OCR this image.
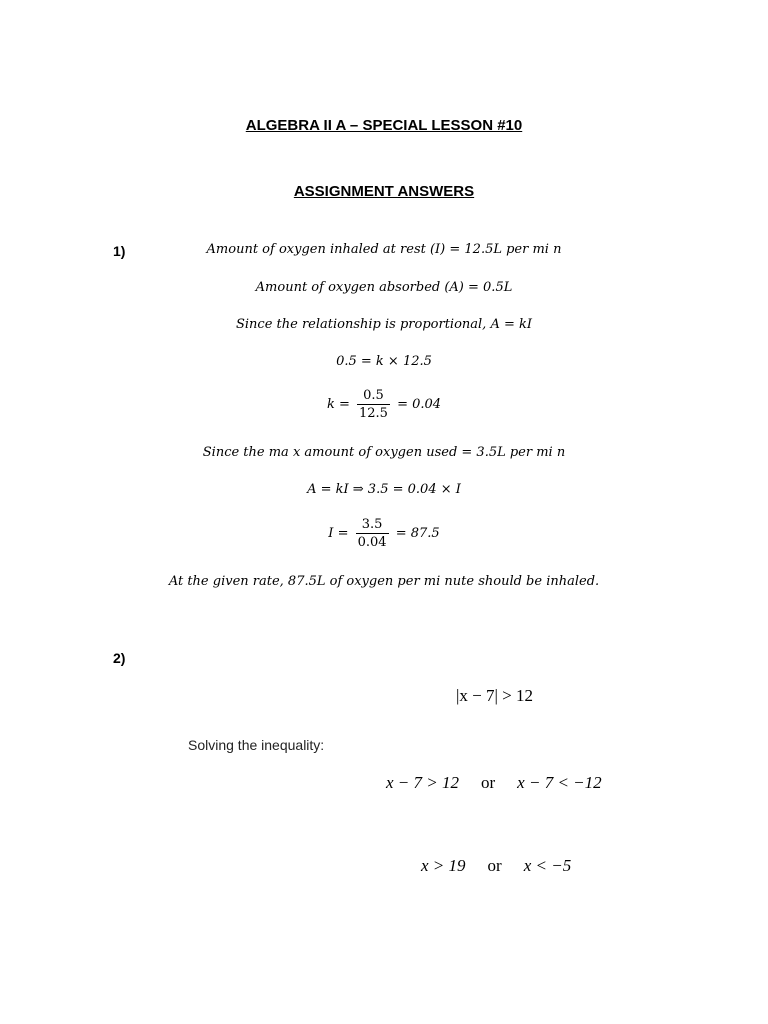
ALGEBRA II A – SPECIAL LESSON #10
ASSIGNMENT ANSWERS
1)	Amount of oxygen inhaled at rest (I) = 12.5L per mi n
Amount of oxygen absorbed (A) = 0.5L
Since the relationship is proportional, A = kI
0.5 = k × 12.5
$k = \frac{0.5}{12.5} = 0.04$
Since the ma x amount of oxygen used = 3.5L per mi n
A = kI ⇒ 3.5 = 0.04 × I
$I = \frac{3.5}{0.04} = 87.5$
At the given rate, 87.5L of oxygen per mi nute should be inhaled.
2)
|x − 7| > 12
Solving the inequality:
x − 7 > 12 or x − 7 < −12
x > 19 or x < −5
